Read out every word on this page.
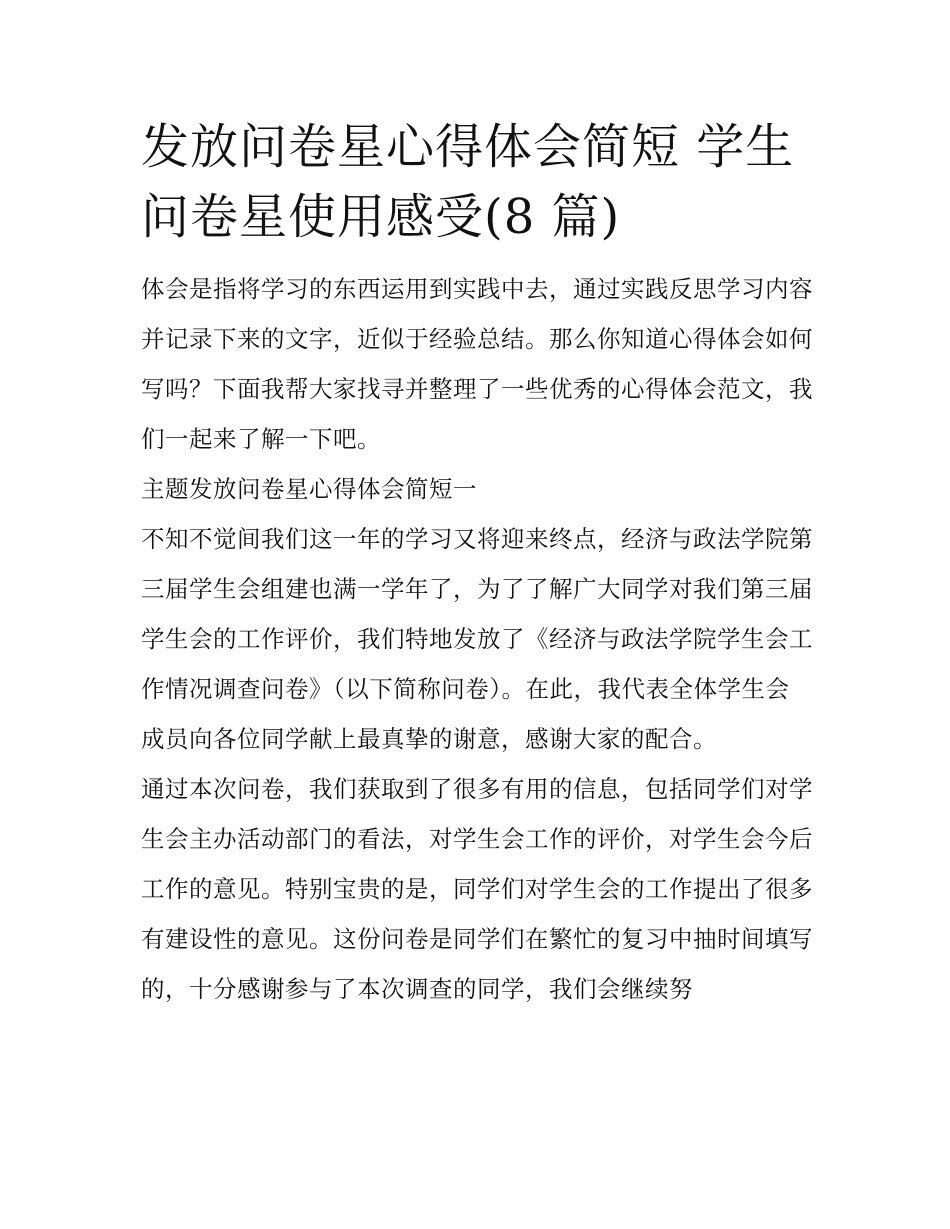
发放问卷星心得体会简短 学生问卷星使用感受(8 篇)

体会是指将学习的东西运用到实践中去，通过实践反思学习内容并记录下来的文字，近似于经验总结。那么你知道心得体会如何写吗？下面我帮大家找寻并整理了一些优秀的心得体会范文，我们一起来了解一下吧。

主题发放问卷星心得体会简短一

不知不觉间我们这一年的学习又将迎来终点，经济与政法学院第三届学生会组建也满一学年了，为了了解广大同学对我们第三届学生会的工作评价，我们特地发放了《经济与政法学院学生会工作情况调查问卷》（以下简称问卷）。在此，我代表全体学生会成员向各位同学献上最真挚的谢意，感谢大家的配合。

通过本次问卷，我们获取到了很多有用的信息，包括同学们对学生会主办活动部门的看法，对学生会工作的评价，对学生会今后工作的意见。特别宝贵的是，同学们对学生会的工作提出了很多有建设性的意见。这份问卷是同学们在繁忙的复习中抽时间填写的，十分感谢参与了本次调查的同学，我们会继续努
